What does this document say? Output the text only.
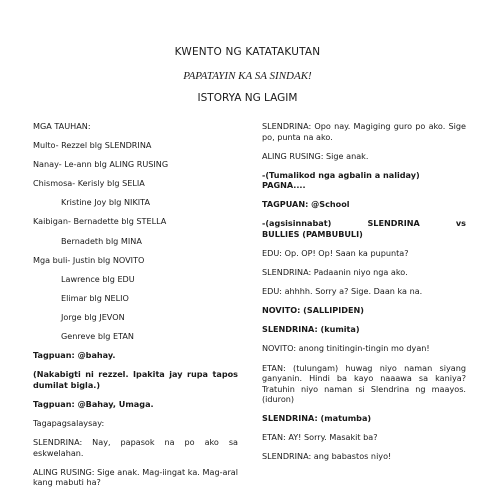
KWENTO NG KATATAKUTAN
PAPATAYIN KA SA SINDAK!
ISTORYA NG LAGIM

MGA TAUHAN:

Multo- Rezzel blg SLENDRINA

Nanay- Le-ann blg ALING RUSING

Chismosa- Kerisly blg SELIA

Kristine Joy blg NIKITA

Kaibigan- Bernadette blg STELLA

Bernadeth blg MINA

Mga buli- Justin blg NOVITO

Lawrence blg EDU

Elimar blg NELIO

Jorge blg JEVON

Genreve blg ETAN

Tagpuan: @bahay.

(Nakabigti ni rezzel. Ipakita jay rupa tapos dumilat bigla.)

Tagpuan: @Bahay, Umaga.

Tagapagsalaysay:

SLENDRINA: Nay, papasok na po ako sa eskwelahan.

ALING RUSING: Sige anak. Mag-iingat ka. Mag-aral kang mabuti ha?

SLENDRINA: Opo nay. Magiging guro po ako. Sige po, punta na ako.

ALING RUSING: Sige anak.

-(Tumalikod nga agbalin a naliday) PAGNA....

TAGPUAN: @School

-(agsisinnabat)	SLENDRINA	vs
BULLIES (PAMBUBULI)

EDU: Op. OP! Op! Saan ka pupunta?

SLENDRINA: Padaanin niyo nga ako.

EDU: ahhhh. Sorry a? Sige. Daan ka na.

NOVITO: (SALLIPIDEN)

SLENDRINA: (kumita)

NOVITO: anong tinitingin-tingin mo dyan!

ETAN: (tulungam) huwag niyo naman siyang ganyanin. Hindi ba kayo naaawa sa kaniya? Tratuhin niyo naman si Slendrina ng maayos. (iduron)

SLENDRINA: (matumba)

ETAN: AY! Sorry. Masakit ba?

SLENDRINA: ang babastos niyo!
